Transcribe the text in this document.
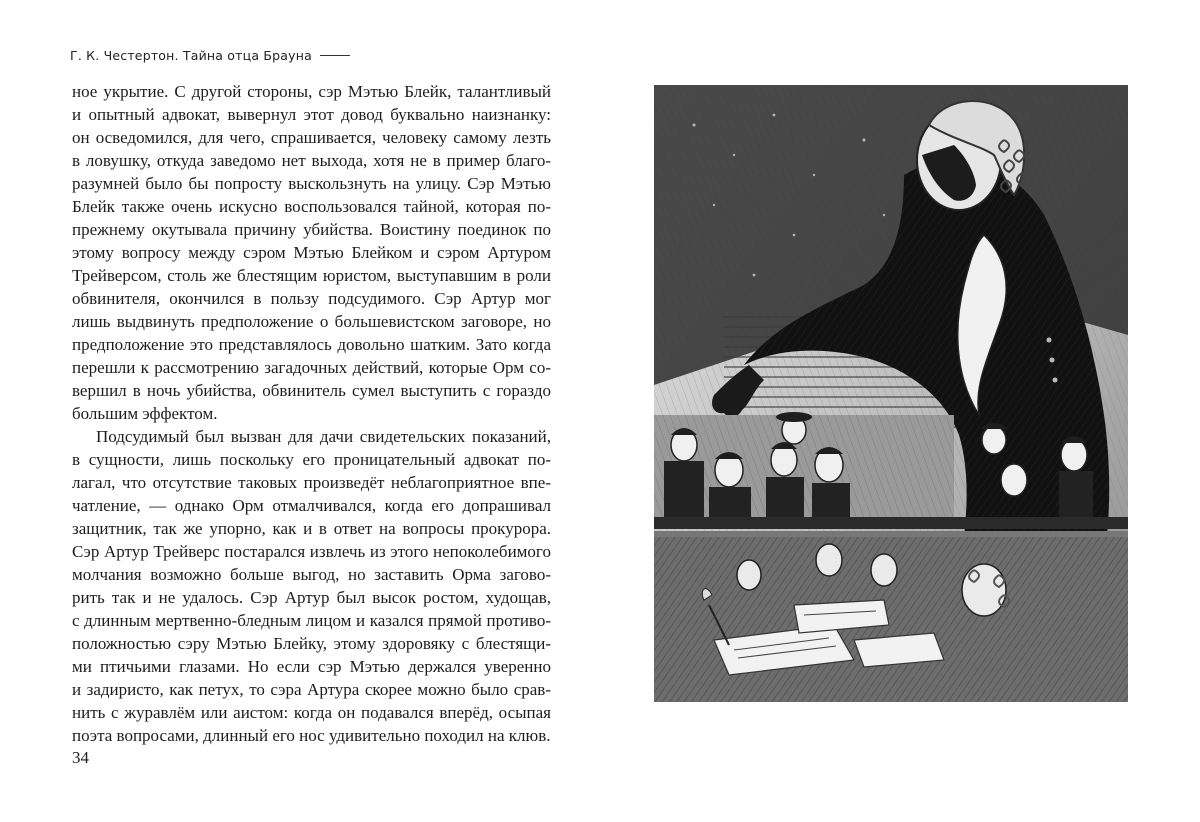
Г. К. Честертон. Тайна отца Брауна
ное укрытие. С другой стороны, сэр Мэтью Блейк, талантливый
и опытный адвокат, вывернул этот довод буквально наизнанку:
он осведомился, для чего, спрашивается, человеку самому лезть
в ловушку, откуда заведомо нет выхода, хотя не в пример благо-
разумней было бы попросту выскользнуть на улицу. Сэр Мэтью
Блейк также очень искусно воспользовался тайной, которая по-
прежнему окутывала причину убийства. Воистину поединок по
этому вопросу между сэром Мэтью Блейком и сэром Артуром
Трейверсом, столь же блестящим юристом, выступавшим в роли
обвинителя, окончился в пользу подсудимого. Сэр Артур мог
лишь выдвинуть предположение о большевистском заговоре, но
предположение это представлялось довольно шатким. Зато когда
перешли к рассмотрению загадочных действий, которые Орм со-
вершил в ночь убийства, обвинитель сумел выступить с гораздо
большим эффектом.
Подсудимый был вызван для дачи свидетельских показаний,
в сущности, лишь поскольку его проницательный адвокат по-
лагал, что отсутствие таковых произведёт неблагоприятное впе-
чатление, — однако Орм отмалчивался, когда его допрашивал
защитник, так же упорно, как и в ответ на вопросы прокурора.
Сэр Артур Трейверс постарался извлечь из этого непоколебимого
молчания возможно больше выгод, но заставить Орма загово-
рить так и не удалось. Сэр Артур был высок ростом, худощав,
с длинным мертвенно-бледным лицом и казался прямой противо-
положностью сэру Мэтью Блейку, этому здоровяку с блестящи-
ми птичьими глазами. Но если сэр Мэтью держался уверенно
и задиристо, как петух, то сэра Артура скорее можно было срав-
нить с журавлём или аистом: когда он подавался вперёд, осыпая
поэта вопросами, длинный его нос удивительно походил на клюв.
34
